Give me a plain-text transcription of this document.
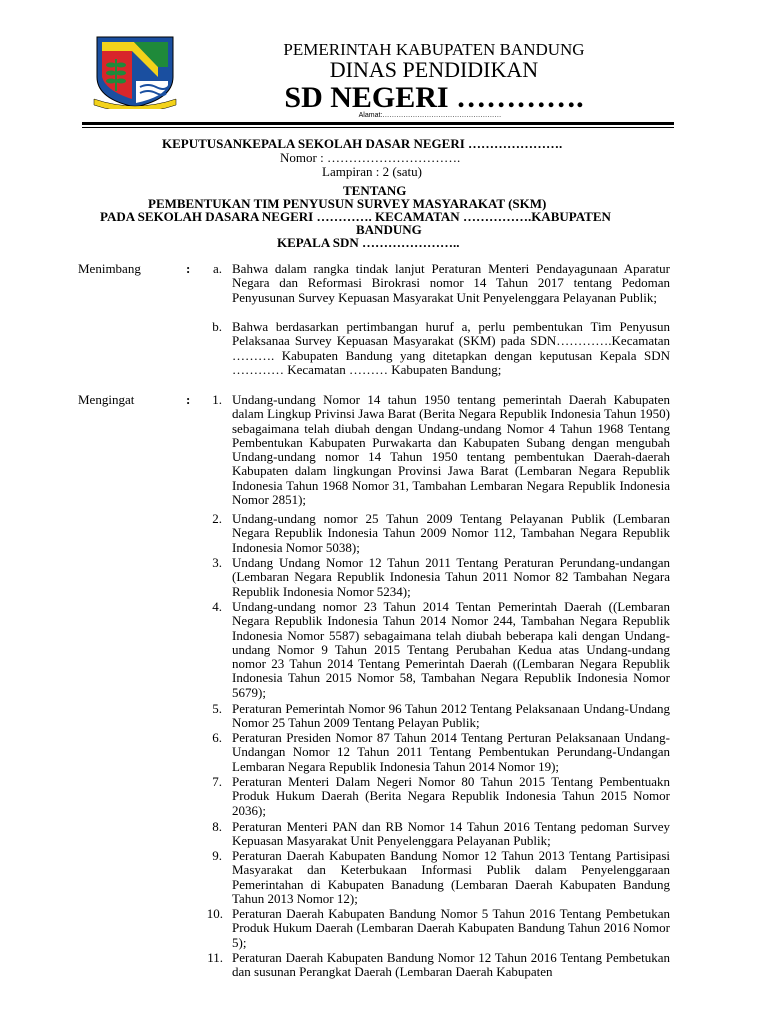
PEMERINTAH KABUPATEN BANDUNG
DINAS PENDIDIKAN
SD NEGERI ………….
Alamat:……………………………………………
KEPUTUSANKEPALA SEKOLAH DASAR NEGERI ………………….
Nomor : ………………………….
Lampiran : 2 (satu)
TENTANG
PEMBENTUKAN TIM PENYUSUN SURVEY MASYARAKAT (SKM)
PADA SEKOLAH DASARA NEGERI …………. KECAMATAN …………….KABUPATEN
BANDUNG
KEPALA SDN …………………..
Menimbang	:	a. Bahwa dalam rangka tindak lanjut Peraturan Menteri Pendayagunaan Aparatur Negara dan Reformasi Birokrasi nomor 14 Tahun 2017 tentang Pedoman Penyusunan Survey Kepuasan Masyarakat Unit Penyelenggara Pelayanan Publik;
b. Bahwa berdasarkan pertimbangan huruf a, perlu pembentukan Tim Penyusun Pelaksanaa Survey Kepuasan Masyarakat (SKM) pada SDN………….Kecamatan ………. Kabupaten Bandung yang ditetapkan dengan keputusan Kepala SDN ………… Kecamatan ……… Kabupaten Bandung;
Mengingat	:	1. Undang-undang Nomor 14 tahun 1950 tentang pemerintah Daerah Kabupaten dalam Lingkup Privinsi Jawa Barat (Berita Negara Republik Indonesia Tahun 1950) sebagaimana telah diubah dengan Undang-undang Nomor 4 Tahun 1968 Tentang Pembentukan Kabupaten Purwakarta dan Kabupaten Subang dengan mengubah Undang-undang nomor 14 Tahun 1950 tentang pembentukan Daerah-daerah Kabupaten dalam lingkungan Provinsi Jawa Barat (Lembaran Negara Republik Indonesia Tahun 1968 Nomor 31, Tambahan Lembaran Negara Republik Indonesia Nomor 2851);
2. Undang-undang nomor 25 Tahun 2009 Tentang Pelayanan Publik (Lembaran Negara Republik Indonesia Tahun 2009 Nomor 112, Tambahan Negara Republik Indonesia Nomor 5038);
3. Undang Undang Nomor 12 Tahun 2011 Tentang Peraturan Perundang-undangan (Lembaran Negara Republik Indonesia Tahun 2011 Nomor 82 Tambahan Negara Republik Indonesia Nomor 5234);
4. Undang-undang nomor 23 Tahun 2014 Tentan Pemerintah Daerah ((Lembaran Negara Republik Indonesia Tahun 2014 Nomor 244, Tambahan Negara Republik Indonesia Nomor 5587) sebagaimana telah diubah beberapa kali dengan Undang-undang Nomor 9 Tahun 2015 Tentang Perubahan Kedua atas Undang-undang nomor 23 Tahun 2014 Tentang Pemerintah Daerah ((Lembaran Negara Republik Indonesia Tahun 2015 Nomor 58, Tambahan Negara Republik Indonesia Nomor 5679);
5. Peraturan Pemerintah Nomor 96 Tahun 2012 Tentang Pelaksanaan Undang-Undang Nomor 25 Tahun 2009 Tentang Pelayan Publik;
6. Peraturan Presiden Nomor 87 Tahun 2014 Tentang Perturan Pelaksanaan Undang-Undangan Nomor 12 Tahun 2011 Tentang Pembentukan Perundang-Undangan Lembaran Negara Republik Indonesia Tahun 2014 Nomor 19);
7. Peraturan Menteri Dalam Negeri Nomor 80 Tahun 2015 Tentang Pembentuakn Produk Hukum Daerah (Berita Negara Republik Indonesia Tahun 2015 Nomor 2036);
8. Peraturan Menteri PAN dan RB Nomor 14 Tahun 2016 Tentang pedoman Survey Kepuasan Masyarakat Unit Penyelenggara Pelayanan Publik;
9. Peraturan Daerah Kabupaten Bandung Nomor 12 Tahun 2013 Tentang Partisipasi Masyarakat dan Keterbukaan Informasi Publik dalam Penyelenggaraan Pemerintahan di Kabupaten Banadung (Lembaran Daerah Kabupaten Bandung Tahun 2013 Nomor 12);
10. Peraturan Daerah Kabupaten Bandung Nomor 5 Tahun 2016 Tentang Pembetukan Produk Hukum Daerah (Lembaran Daerah Kabupaten Bandung Tahun 2016 Nomor 5);
11. Peraturan Daerah Kabupaten Bandung Nomor 12 Tahun 2016 Tentang Pembetukan dan susunan Perangkat Daerah (Lembaran Daerah Kabupaten
